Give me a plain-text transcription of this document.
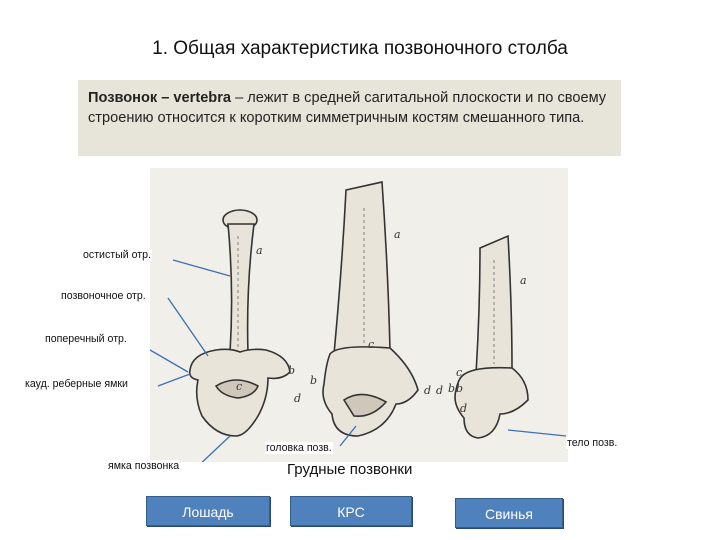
1. Общая характеристика позвоночного столба
Позвонок – vertebra – лежит в средней сагитальной плоскости и по своему строению относится к коротким симметричным костям смешанного типа.
a
b
c
d
a
c
b
d d b
a
c
b
d
остистый отр.
позвоночное отр.
поперечный отр.
кауд. реберные ямки
головка позв.
ямка позвонка
тело позв.
Грудные позвонки
Лошадь	КРС	Свинья
